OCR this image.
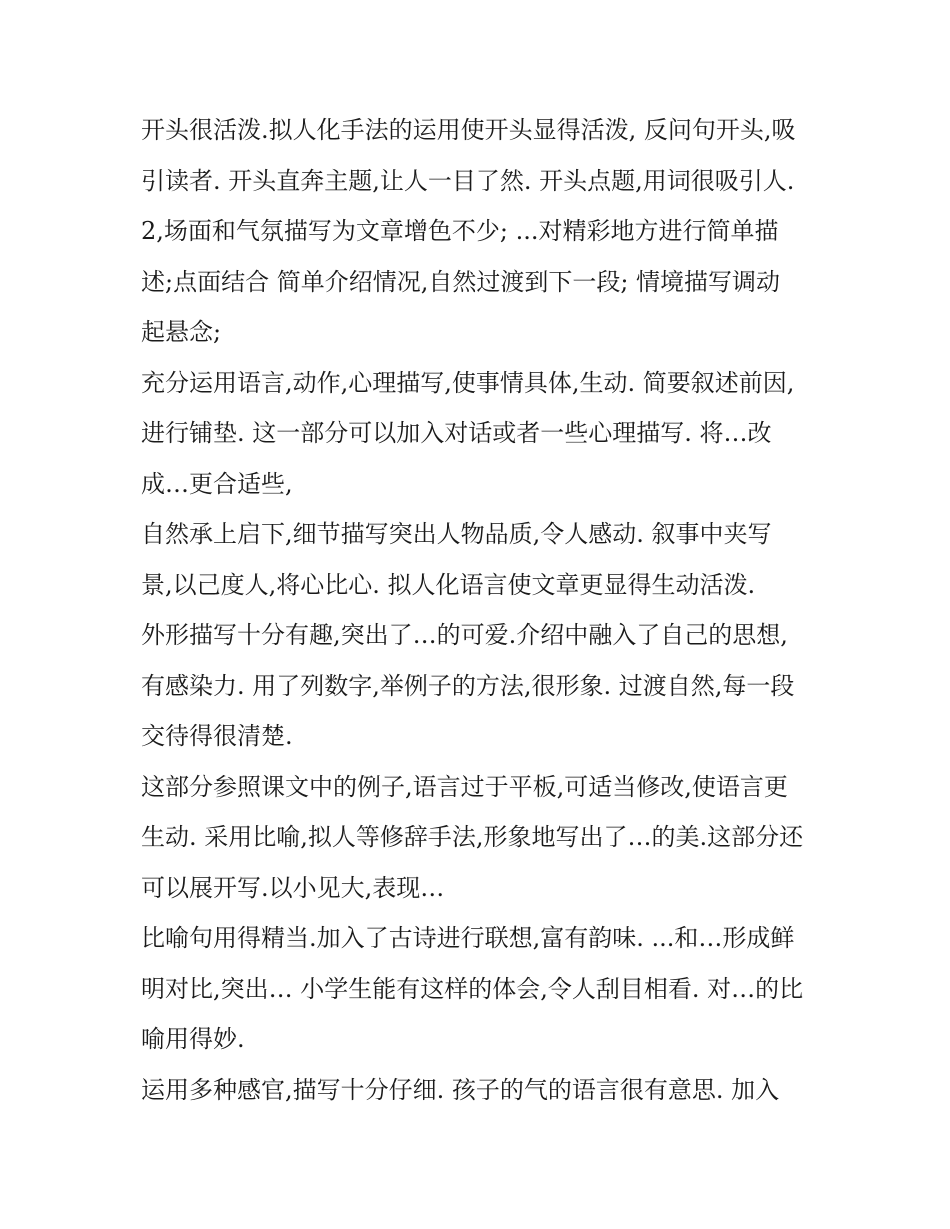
开头很活泼.拟人化手法的运用使开头显得活泼, 反问句开头,吸
引读者. 开头直奔主题,让人一目了然. 开头点题,用词很吸引人.
2,场面和气氛描写为文章增色不少; ...对精彩地方进行简单描
述;点面结合 简单介绍情况,自然过渡到下一段; 情境描写调动
起悬念;
充分运用语言,动作,心理描写,使事情具体,生动. 简要叙述前因,
进行铺垫. 这一部分可以加入对话或者一些心理描写. 将…改
成…更合适些,
自然承上启下,细节描写突出人物品质,令人感动. 叙事中夹写
景,以己度人,将心比心. 拟人化语言使文章更显得生动活泼.
外形描写十分有趣,突出了…的可爱.介绍中融入了自己的思想,
有感染力. 用了列数字,举例子的方法,很形象. 过渡自然,每一段
交待得很清楚.
这部分参照课文中的例子,语言过于平板,可适当修改,使语言更
生动. 采用比喻,拟人等修辞手法,形象地写出了…的美.这部分还
可以展开写.以小见大,表现…
比喻句用得精当.加入了古诗进行联想,富有韵味. ...和…形成鲜
明对比,突出… 小学生能有这样的体会,令人刮目相看. 对…的比
喻用得妙.
运用多种感官,描写十分仔细. 孩子的气的语言很有意思. 加入
